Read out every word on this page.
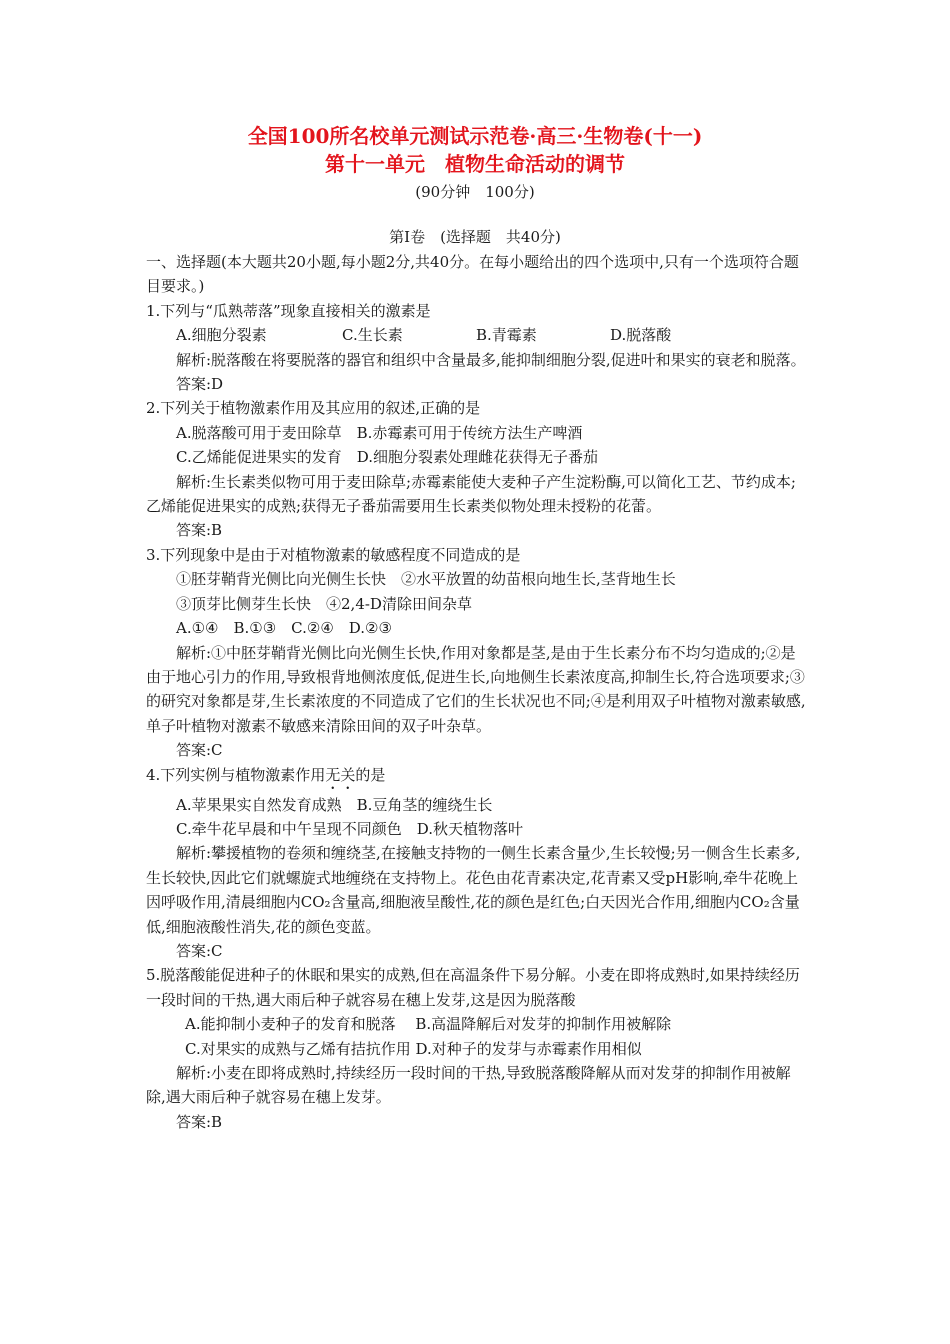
全国100所名校单元测试示范卷·高三·生物卷(十一)
第十一单元　植物生命活动的调节
(90分钟　100分)
第Ⅰ卷　(选择题　共40分)

一、选择题(本大题共20小题,每小题2分,共40分。在每小题给出的四个选项中,只有一个选项符合题目要求。)

1.下列与“瓜熟蒂落”现象直接相关的激素是

A.细胞分裂素	C.生长素	B.青霉素	D.脱落酸

解析:脱落酸在将要脱落的器官和组织中含量最多,能抑制细胞分裂,促进叶和果实的衰老和脱落。

答案:D

2.下列关于植物激素作用及其应用的叙述,正确的是

A.脱落酸可用于麦田除草　B.赤霉素可用于传统方法生产啤酒

C.乙烯能促进果实的发育　D.细胞分裂素处理雌花获得无子番茄

解析:生长素类似物可用于麦田除草;赤霉素能使大麦种子产生淀粉酶,可以简化工艺、节约成本;乙烯能促进果实的成熟;获得无子番茄需要用生长素类似物处理未授粉的花蕾。

答案:B

3.下列现象中是由于对植物激素的敏感程度不同造成的是

①胚芽鞘背光侧比向光侧生长快　②水平放置的幼苗根向地生长,茎背地生长

③顶芽比侧芽生长快　④2,4-D清除田间杂草

A.①④　B.①③　C.②④　D.②③

解析:①中胚芽鞘背光侧比向光侧生长快,作用对象都是茎,是由于生长素分布不均匀造成的;②是由于地心引力的作用,导致根背地侧浓度低,促进生长,向地侧生长素浓度高,抑制生长,符合选项要求;③的研究对象都是芽,生长素浓度的不同造成了它们的生长状况也不同;④是利用双子叶植物对激素敏感,单子叶植物对激素不敏感来清除田间的双子叶杂草。

答案:C

4.下列实例与植物激素作用无关的是

A.苹果果实自然发育成熟　B.豆角茎的缠绕生长

C.牵牛花早晨和中午呈现不同颜色　D.秋天植物落叶

解析:攀援植物的卷须和缠绕茎,在接触支持物的一侧生长素含量少,生长较慢;另一侧含生长素多,生长较快,因此它们就螺旋式地缠绕在支持物上。花色由花青素决定,花青素又受pH影响,牵牛花晚上因呼吸作用,清晨细胞内CO₂含量高,细胞液呈酸性,花的颜色是红色;白天因光合作用,细胞内CO₂含量低,细胞液酸性消失,花的颜色变蓝。

答案:C

5.脱落酸能促进种子的休眠和果实的成熟,但在高温条件下易分解。小麦在即将成熟时,如果持续经历一段时间的干热,遇大雨后种子就容易在穗上发芽,这是因为脱落酸

A.能抑制小麦种子的发育和脱落　 B.高温降解后对发芽的抑制作用被解除

C.对果实的成熟与乙烯有拮抗作用 D.对种子的发芽与赤霉素作用相似

解析:小麦在即将成熟时,持续经历一段时间的干热,导致脱落酸降解从而对发芽的抑制作用被解除,遇大雨后种子就容易在穗上发芽。

答案:B
